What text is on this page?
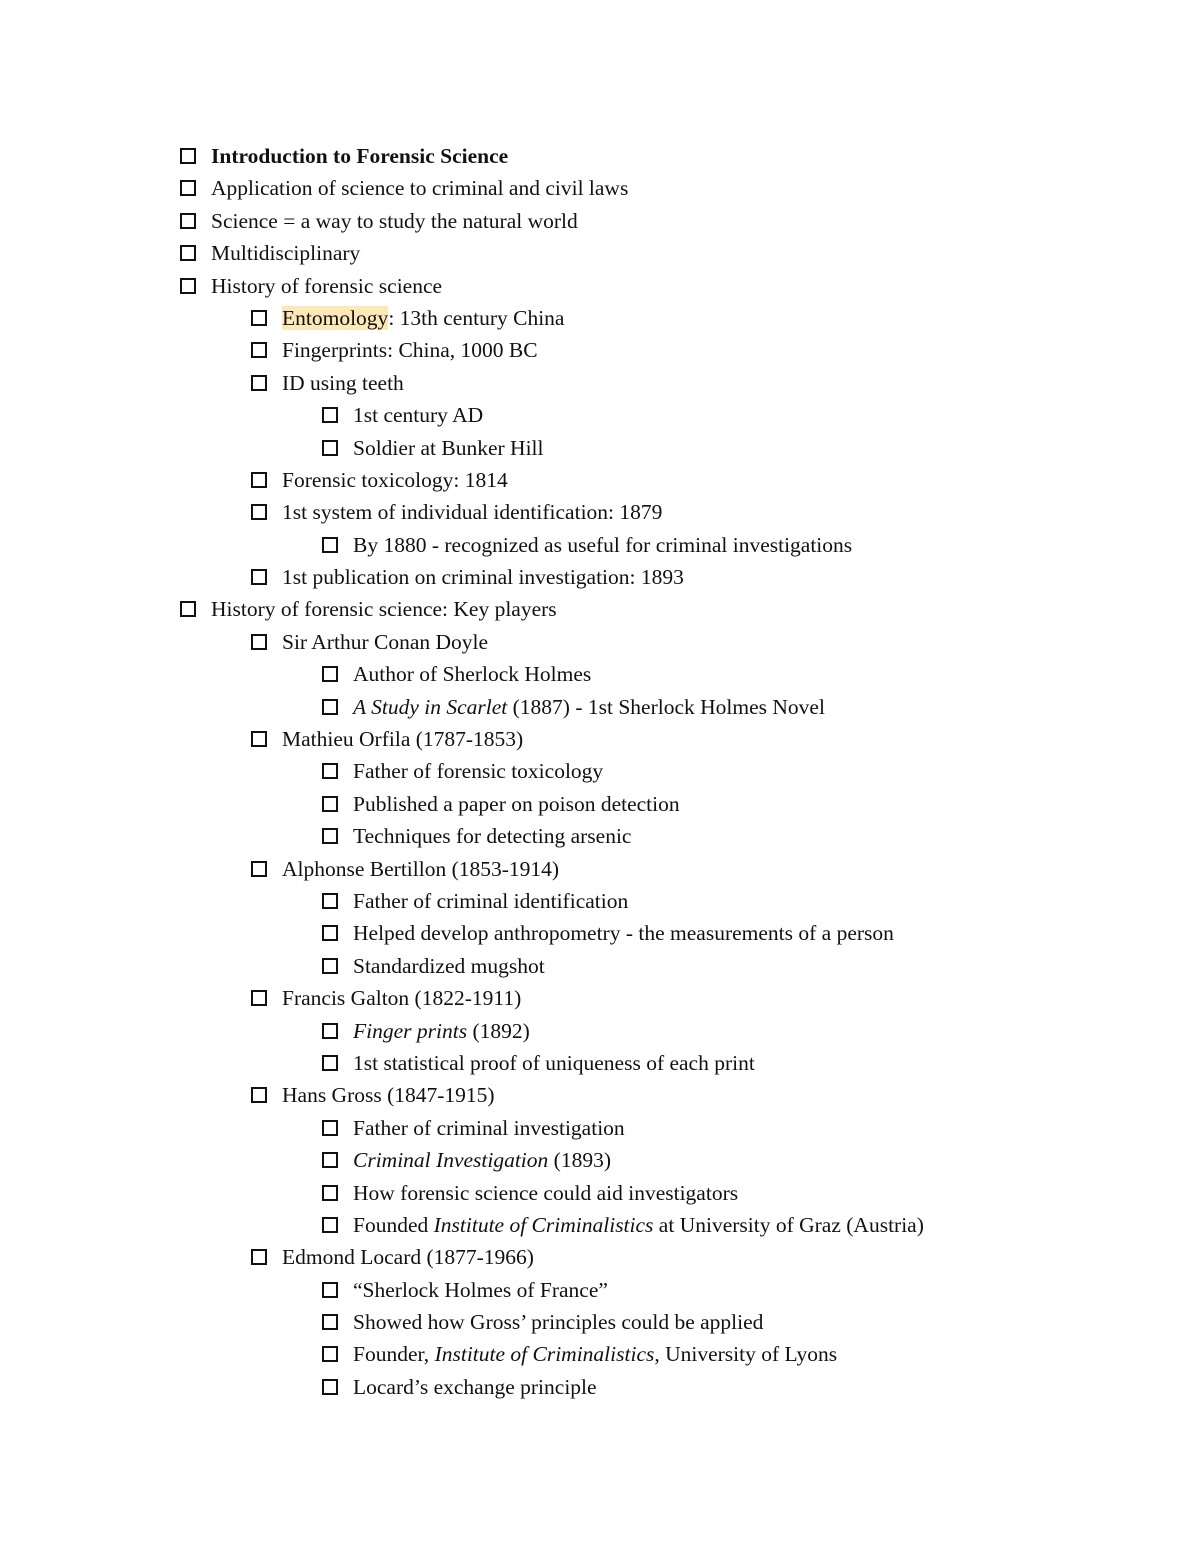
Introduction to Forensic Science
Application of science to criminal and civil laws
Science = a way to study the natural world
Multidisciplinary
History of forensic science
Entomology: 13th century China
Fingerprints: China, 1000 BC
ID using teeth
1st century AD
Soldier at Bunker Hill
Forensic toxicology: 1814
1st system of individual identification: 1879
By 1880 - recognized as useful for criminal investigations
1st publication on criminal investigation: 1893
History of forensic science: Key players
Sir Arthur Conan Doyle
Author of Sherlock Holmes
A Study in Scarlet (1887) - 1st Sherlock Holmes Novel
Mathieu Orfila (1787-1853)
Father of forensic toxicology
Published a paper on poison detection
Techniques for detecting arsenic
Alphonse Bertillon (1853-1914)
Father of criminal identification
Helped develop anthropometry - the measurements of a person
Standardized mugshot
Francis Galton (1822-1911)
Finger prints (1892)
1st statistical proof of uniqueness of each print
Hans Gross (1847-1915)
Father of criminal investigation
Criminal Investigation (1893)
How forensic science could aid investigators
Founded Institute of Criminalistics at University of Graz (Austria)
Edmond Locard (1877-1966)
“Sherlock Holmes of France”
Showed how Gross’ principles could be applied
Founder, Institute of Criminalistics, University of Lyons
Locard’s exchange principle
